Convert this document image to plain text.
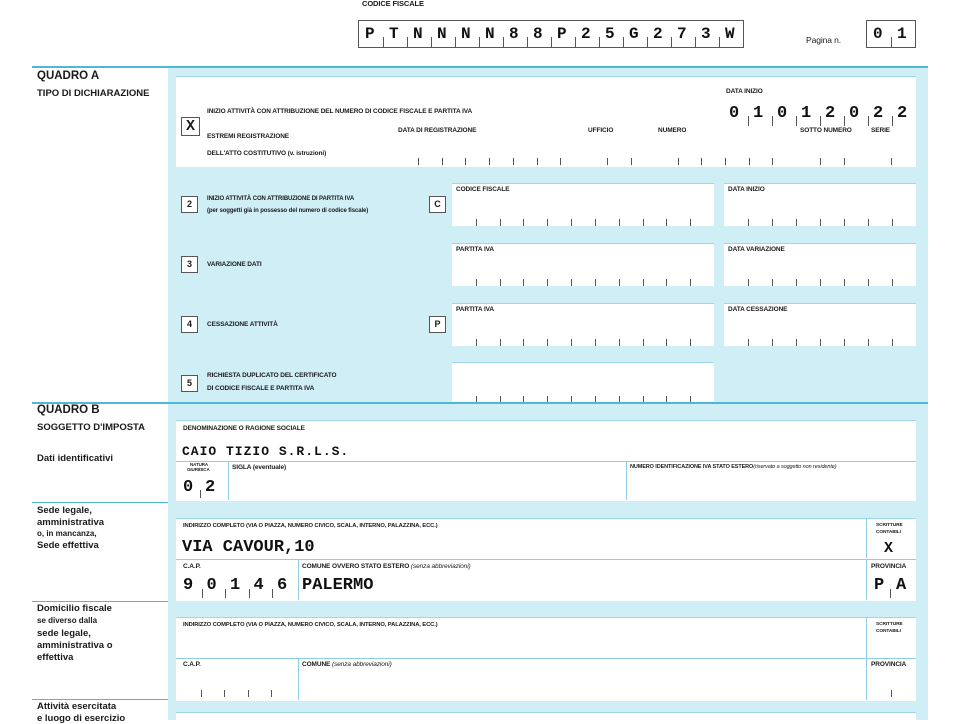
CODICE FISCALE
P T N N N N 8 8 P 2 5 G 2 7 3 W	Pagina n. 0 1
QUADRO A
TIPO DI DICHIARAZIONE
X
INIZIO ATTIVITÀ CON ATTRIBUZIONE DEL NUMERO DI CODICE FISCALE E PARTITA IVA
DATA INIZIO
0 1 0 1 2 0 2 2
ESTREMI REGISTRAZIONE
DELL'ATTO COSTITUTIVO (v. istruzioni)
DATA DI REGISTRAZIONE	UFFICIO	NUMERO	SOTTO NUMERO	SERIE
2	INIZIO ATTIVITÀ CON ATTRIBUZIONE DI PARTITA IVA
(per soggetti già in possesso del numero di codice fiscale)
C
CODICE FISCALE	DATA INIZIO
3	VARIAZIONE DATI
PARTITA IVA	DATA VARIAZIONE
4	CESSAZIONE ATTIVITÀ	P
PARTITA IVA	DATA CESSAZIONE
5
RICHIESTA DUPLICATO DEL CERTIFICATO
DI CODICE FISCALE E PARTITA IVA
QUADRO B
SOGGETTO D'IMPOSTA
Dati identificativi
DENOMINAZIONE O RAGIONE SOCIALE
CAIO TIZIO S.R.L.S.
NATURA
GIURIDICA
0 2
SIGLA (eventuale)	NUMERO IDENTIFICAZIONE IVA STATO ESTERO(riservato a soggetto non residente)
Sede legale,
amministrativa
o, in mancanza,
Sede effettiva
INDIRIZZO COMPLETO (VIA O PIAZZA, NUMERO CIVICO, SCALA, INTERNO, PALAZZINA, ECC.)
VIA CAVOUR,10
SCRITTURE
CONTABILI
X
C.A.P.
9 0 1 4 6
COMUNE OVVERO STATO ESTERO (senza abbreviazioni)
PALERMO
PROVINCIA
P A
Domicilio fiscale
se diverso dalla
sede legale,
amministrativa o
effettiva
INDIRIZZO COMPLETO (VIA O PIAZZA, NUMERO CIVICO, SCALA, INTERNO, PALAZZINA, ECC.)	SCRITTURE
CONTABILI
C.A.P.	COMUNE (senza abbreviazioni)	PROVINCIA
Attività esercitata
e luogo di esercizio
